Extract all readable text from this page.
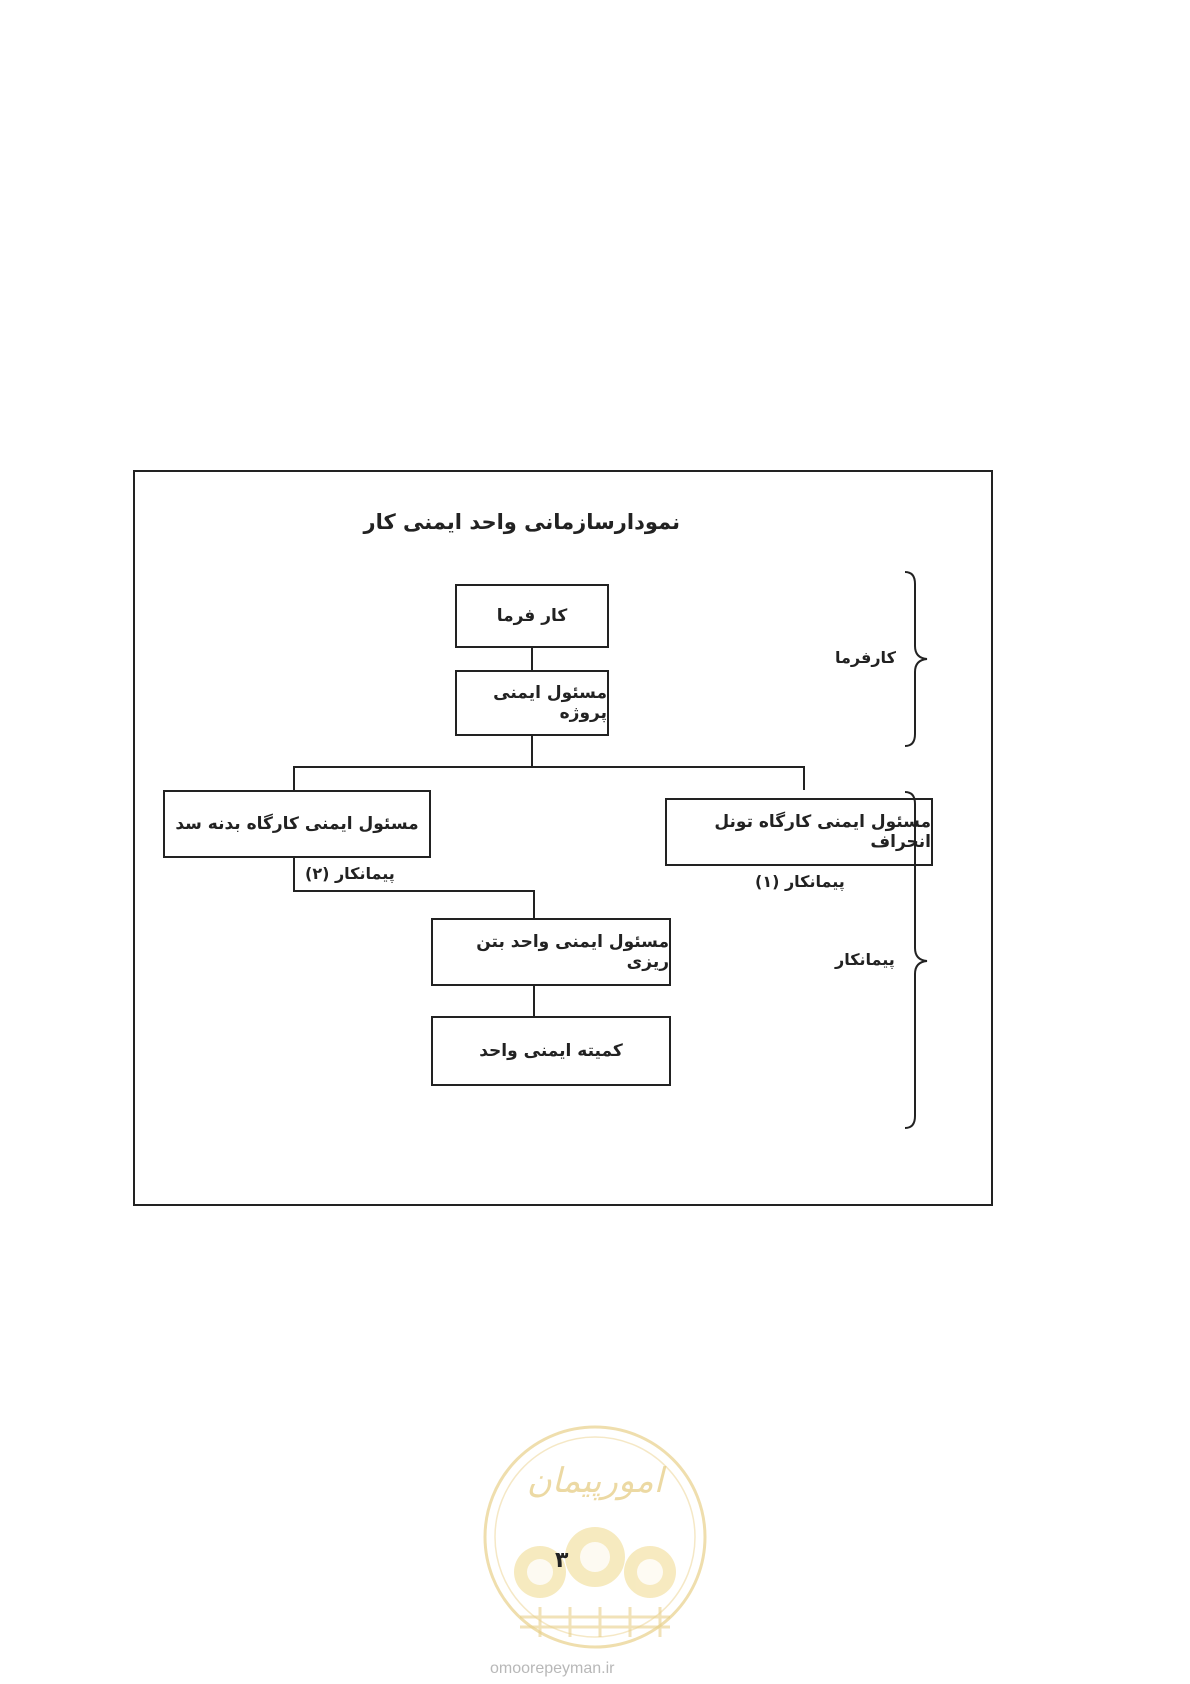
نمودارسازمانی واحد ایمنی کار
کار فرما
مسئول ایمنی پروژه
مسئول ایمنی کارگاه بدنه سد	مسئول ایمنی کارگاه تونل انحراف
پیمانکار (۲)	پیمانکار (۱)
مسئول ایمنی واحد بتن ریزی
کمیته ایمنی واحد
کارفرما
پیمانکار
امورپیمان
۳
omoorepeyman.ir
